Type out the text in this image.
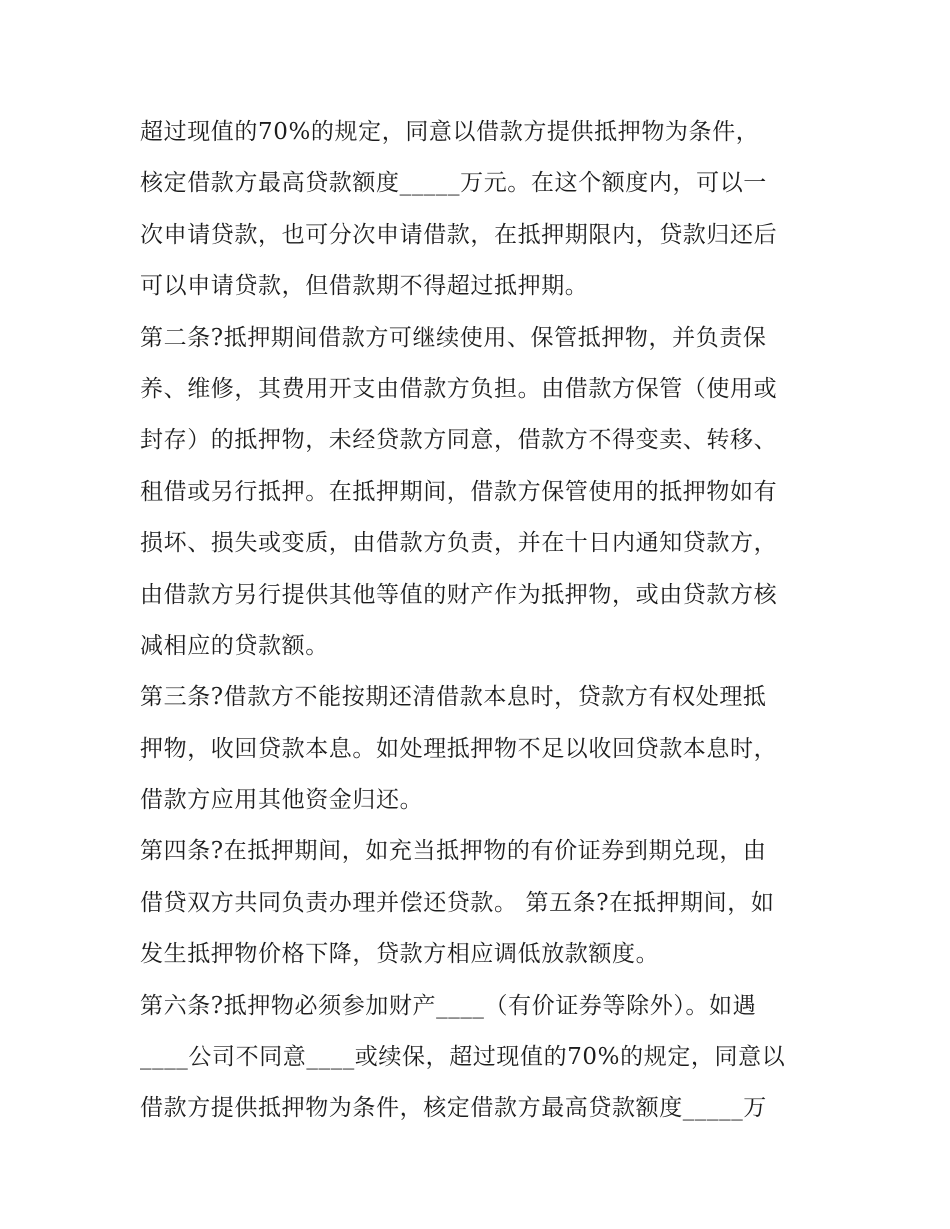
超过现值的70%的规定，同意以借款方提供抵押物为条件，
核定借款方最高贷款额度_____万元。在这个额度内，可以一
次申请贷款，也可分次申请借款，在抵押期限内，贷款归还后
可以申请贷款，但借款期不得超过抵押期。
第二条?抵押期间借款方可继续使用、保管抵押物，并负责保
养、维修，其费用开支由借款方负担。由借款方保管（使用或
封存）的抵押物，未经贷款方同意，借款方不得变卖、转移、
租借或另行抵押。在抵押期间，借款方保管使用的抵押物如有
损坏、损失或变质，由借款方负责，并在十日内通知贷款方，
由借款方另行提供其他等值的财产作为抵押物，或由贷款方核
减相应的贷款额。
第三条?借款方不能按期还清借款本息时，贷款方有权处理抵
押物，收回贷款本息。如处理抵押物不足以收回贷款本息时，
借款方应用其他资金归还。
第四条?在抵押期间，如充当抵押物的有价证券到期兑现，由
借贷双方共同负责办理并偿还贷款。 第五条?在抵押期间，如
发生抵押物价格下降，贷款方相应调低放款额度。
第六条?抵押物必须参加财产____（有价证券等除外）。如遇
____公司不同意____或续保，超过现值的70%的规定，同意以
借款方提供抵押物为条件，核定借款方最高贷款额度_____万
